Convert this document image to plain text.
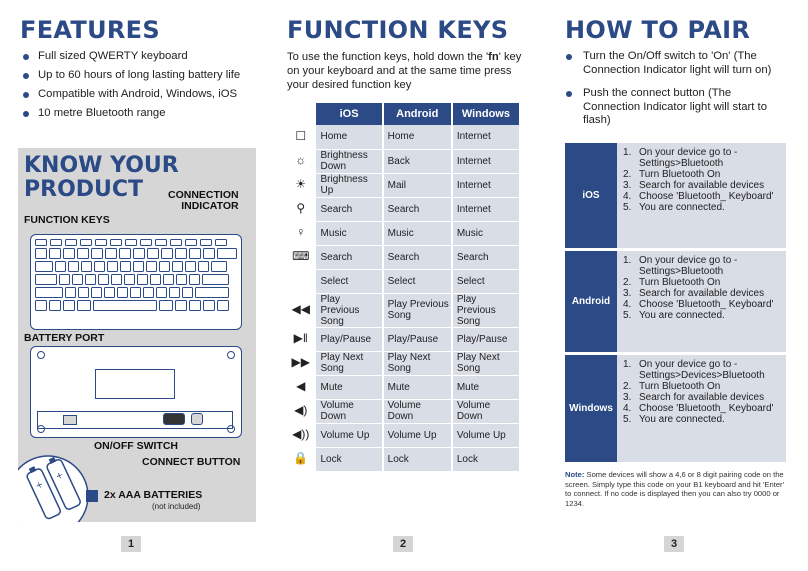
FEATURES
Full sized QWERTY keyboard
Up to 60 hours of long lasting battery life
Compatible with Android, Windows, iOS
10 metre Bluetooth range
KNOW YOUR
PRODUCT	CONNECTION
INDICATOR
FUNCTION KEYS
BATTERY PORT
ON/OFF SWITCH
CONNECT BUTTON
+
+
2x AAA BATTERIES
(not included)
1
FUNCTION KEYS
To use the function keys, hold down the 'fn' key on your keyboard and at the same time press your desired function key
	iOS	Android	Windows
☐	Home	Home	Internet
☼	Brightness Down	Back	Internet
☀	Brightness Up	Mail	Internet
⚲	Search	Search	Internet
♀	Music	Music	Music
⌨	Search	Search	Search
	Select	Select	Select
◀◀	Play Previous Song	Play Previous Song	Play Previous Song
▶‖	Play/Pause	Play/Pause	Play/Pause
▶▶	Play Next Song	Play Next Song	Play Next Song
◀	Mute	Mute	Mute
◀)	Volume Down	Volume Down	Volume Down
◀))	Volume Up	Volume Up	Volume Up
🔒	Lock	Lock	Lock
2
HOW TO PAIR
Turn the On/Off switch to 'On' (The Connection Indicator light will turn on)
Push the connect button (The Connection Indicator light will start to flash)
iOS
1. On your device go to - Settings>Bluetooth
2. Turn Bluetooth On
3. Search for available devices
4. Choose 'Bluetooth_ Keyboard'
5. You are connected.
Android
1. On your device go to - Settings>Bluetooth
2. Turn Bluetooth On
3. Search for available devices
4. Choose 'Bluetooth_ Keyboard'
5. You are connected.
Windows
1. On your device go to - Settings>Devices>Bluetooth
2. Turn Bluetooth On
3. Search for available devices
4. Choose 'Bluetooth_ Keyboard'
5. You are connected.
Note: Some devices will show a 4,6 or 8 digit pairing code on the screen. Simply type this code on your B1 keyboard and hit 'Enter' to connect. If no code is displayed then you can also try 0000 or 1234.
3
